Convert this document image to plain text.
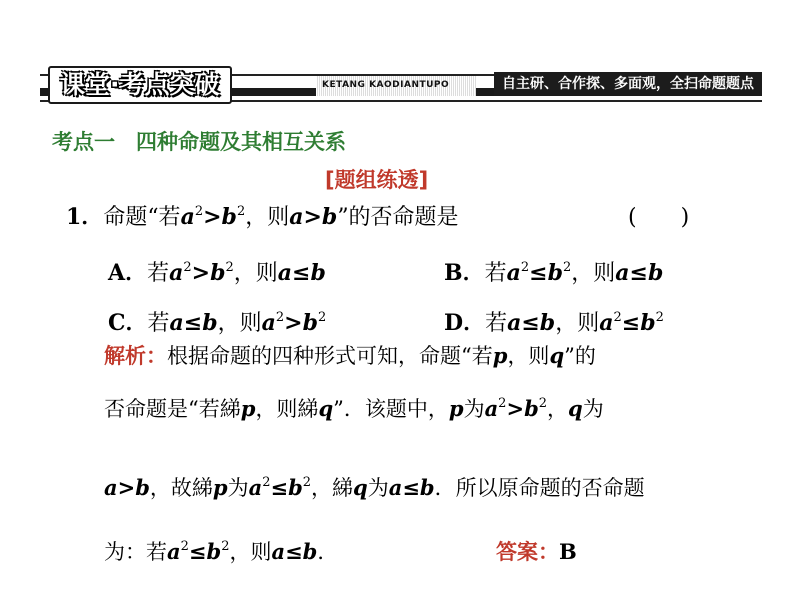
课堂·考点突破	KETANG KAODIANTUPO	自主研、合作探、多面观，全扫命题题点
考点一　四种命题及其相互关系
[题组练透]
1．命题“若$a^2>b^2$，则a>b”的否命题是	(　　)
A．若$a^2>b^2$，则a≤b	B．若$a^2\le b^2$，则a≤b
C．若a≤b，则$a^2>b^2$	D．若a≤b，则$a^2\le b^2$
解析：根据命题的四种形式可知，命题“若p，则q”的
否命题是“若綈p，则綈q”．该题中，p为$a^2>b^2$，q为
a>b，故綈p为$a^2\le b^2$，綈q为a≤b．所以原命题的否命题
为：若$a^2\le b^2$，则a≤b．	答案：B
